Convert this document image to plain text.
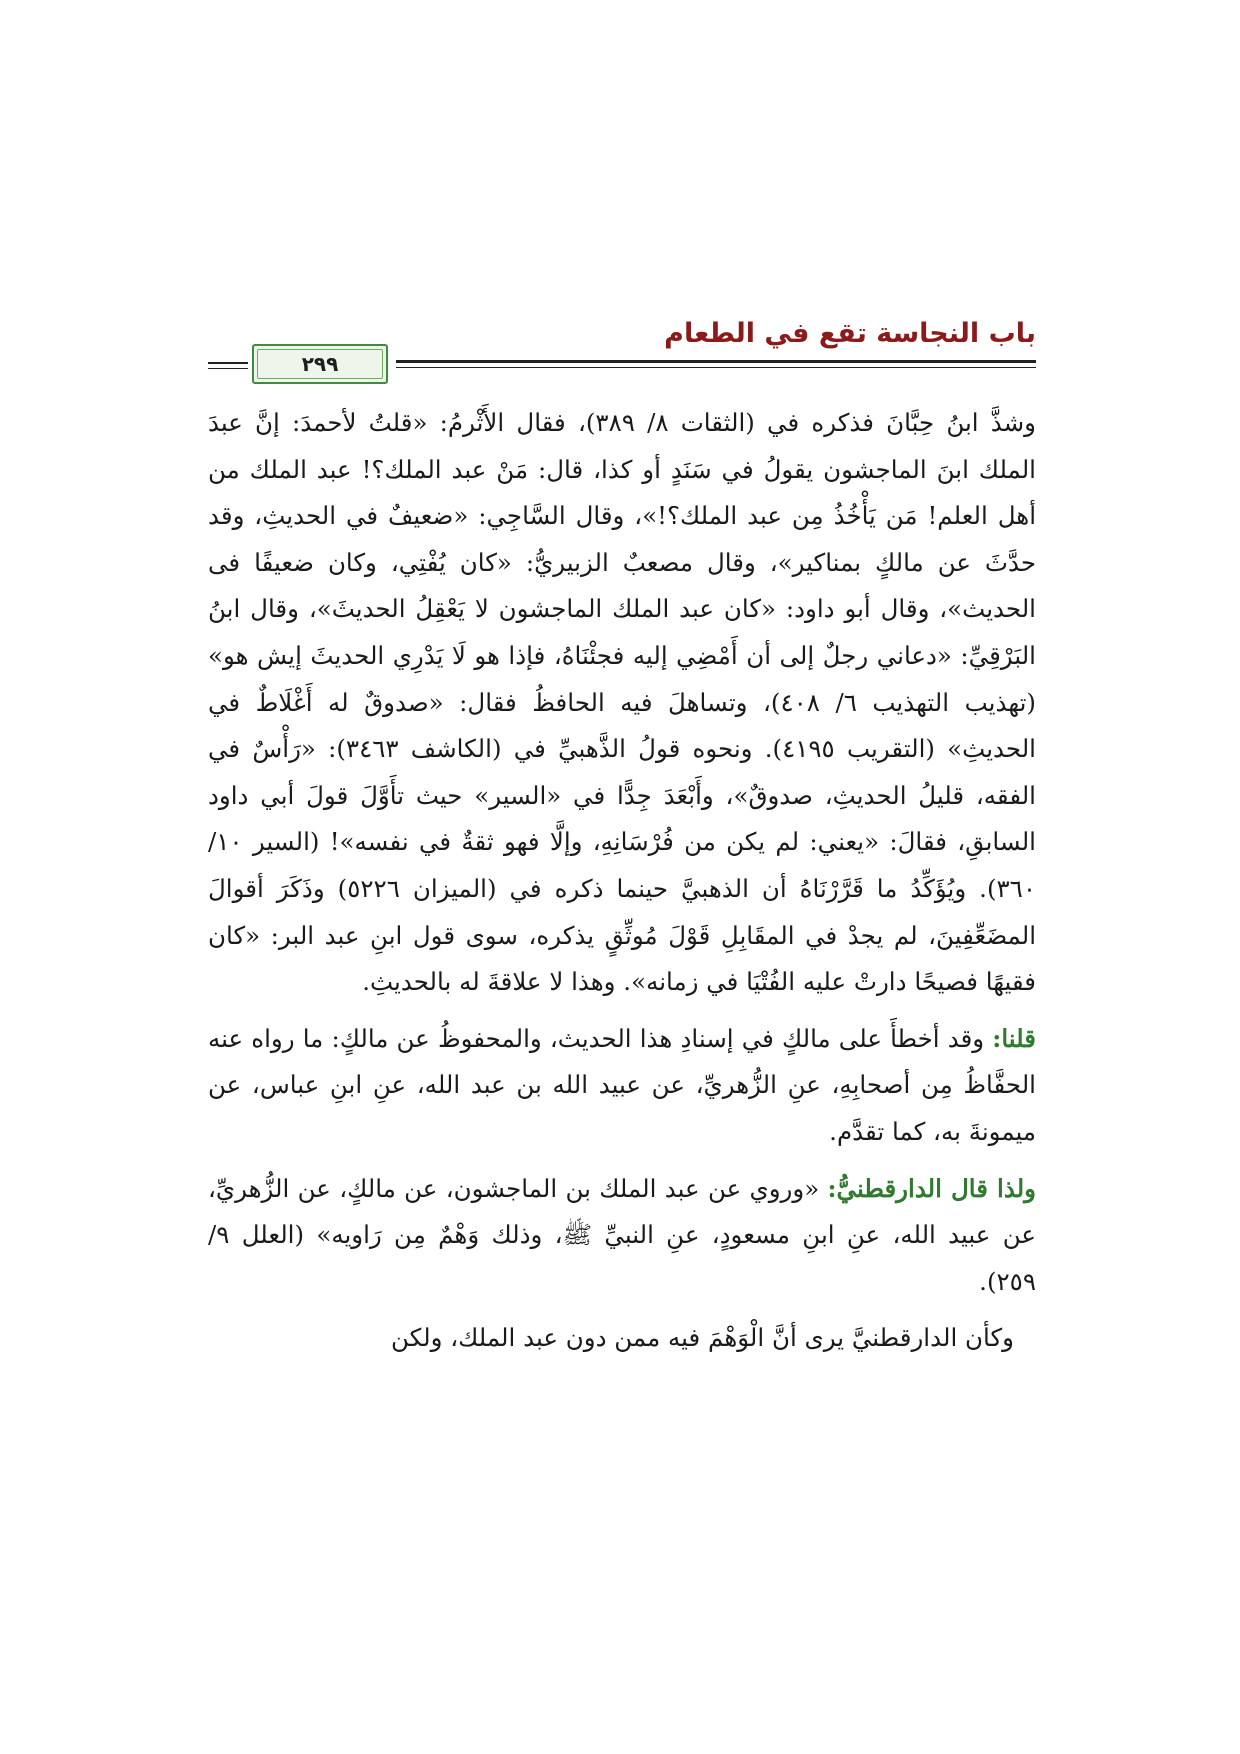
باب النجاسة تقع في الطعام
٢٩٩

وشذَّ ابنُ حِبَّانَ فذكره في (الثقات ٨/ ٣٨٩)، فقال الأَثْرمُ: «قلتُ لأحمدَ: إنَّ عبدَ الملك ابنَ الماجشون يقولُ في سَنَدٍ أو كذا، قال: مَنْ عبد الملك؟! عبد الملك من أهل العلم! مَن يَأْخُذُ مِن عبد الملك؟!»، وقال السَّاجِي: «ضعيفٌ في الحديثِ، وقد حدَّثَ عن مالكٍ بمناكير»، وقال مصعبٌ الزبيريُّ: «كان يُفْتِي، وكان ضعيفًا فى الحديث»، وقال أبو داود: «كان عبد الملك الماجشون لا يَعْقِلُ الحديثَ»، وقال ابنُ البَرْقِيِّ: «دعاني رجلٌ إلى أن أَمْضِي إليه فجئْنَاهُ، فإذا هو لَا يَدْرِي الحديثَ إيش هو» (تهذيب التهذيب ٦/ ٤٠٨)، وتساهلَ فيه الحافظُ فقال: «صدوقٌ له أَغْلَاطٌ في الحديثِ» (التقريب ٤١٩٥). ونحوه قولُ الذَّهبيِّ في (الكاشف ٣٤٦٣): «رَأْسٌ في الفقه، قليلُ الحديثِ، صدوقٌ»، وأَبْعَدَ جِدًّا في «السير» حيث تأَوَّلَ قولَ أبي داود السابقِ، فقالَ: «يعني: لم يكن من فُرْسَانِهِ، وإلَّا فهو ثقةٌ في نفسه»! (السير ١٠/ ٣٦٠). ويُؤَكِّدُ ما قَرَّرْنَاهُ أن الذهبيَّ حينما ذكره في (الميزان ٥٢٢٦) وذَكَرَ أقوالَ المضَعِّفِينَ، لم يجدْ في المقَابِلِ قَوْلَ مُوثِّقٍ يذكره، سوى قول ابنِ عبد البر: «كان فقيهًا فصيحًا دارتْ عليه الفُتْيَا في زمانه». وهذا لا علاقةَ له بالحديثِ.

قلنا: وقد أخطأَ على مالكٍ في إسنادِ هذا الحديث، والمحفوظُ عن مالكٍ: ما رواه عنه الحفَّاظُ مِن أصحابِهِ، عنِ الزُّهريِّ، عن عبيد الله بن عبد الله، عنِ ابنِ عباس، عن ميمونةَ به، كما تقدَّم.

ولذا قال الدارقطنيُّ: «وروي عن عبد الملك بن الماجشون، عن مالكٍ، عن الزُّهريِّ، عن عبيد الله، عنِ ابنِ مسعودٍ، عنِ النبيِّ ﷺ، وذلك وَهْمٌ مِن رَاويه» (العلل ٩/ ٢٥٩).

وكأن الدارقطنيَّ يرى أنَّ الْوَهْمَ فيه ممن دون عبد الملك، ولكن
